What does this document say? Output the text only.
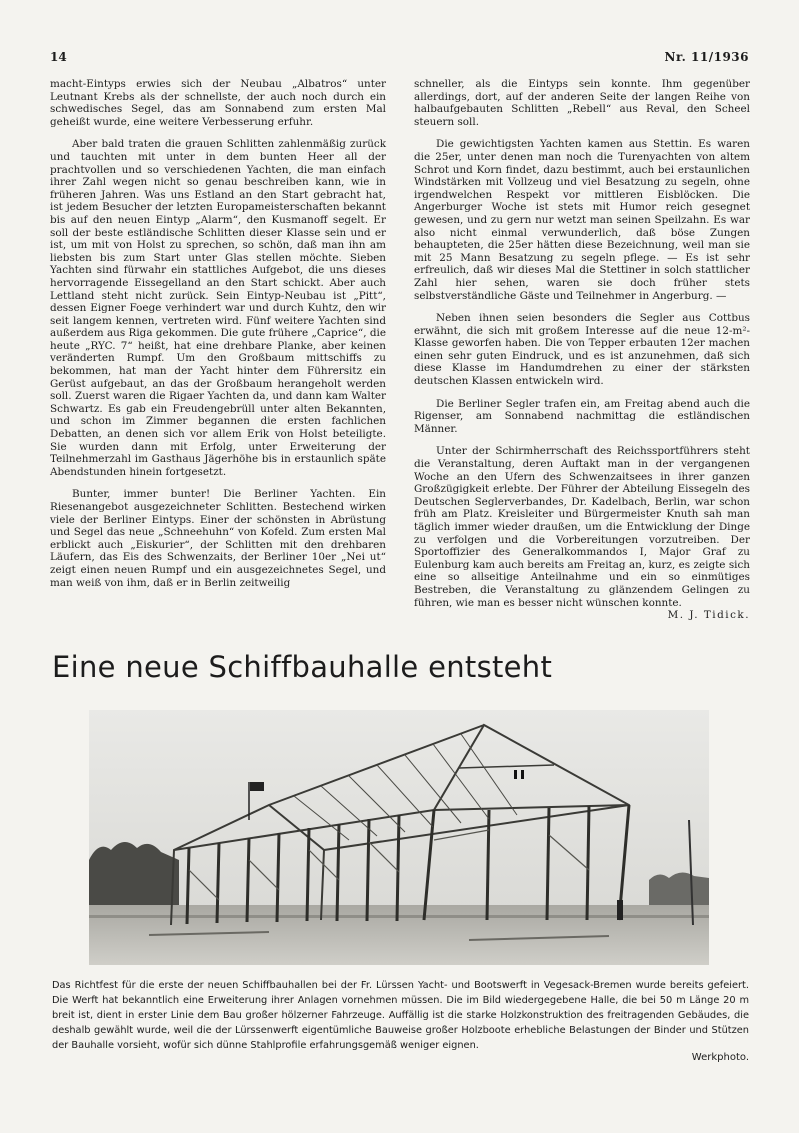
14	Nr. 11/1936

macht-Eintyps erwies sich der Neubau „Albatros“ unter Leutnant Krebs als der schnellste, der auch noch durch ein schwedisches Segel, das am Sonnabend zum ersten Mal geheißt wurde, eine weitere Verbesserung erfuhr.

Aber bald traten die grauen Schlitten zahlenmäßig zurück und tauchten mit unter in dem bunten Heer all der prachtvollen und so verschiedenen Yachten, die man einfach ihrer Zahl wegen nicht so genau beschreiben kann, wie in früheren Jahren. Was uns Estland an den Start gebracht hat, ist jedem Besucher der letzten Europameisterschaften bekannt bis auf den neuen Eintyp „Alarm“, den Kusmanoff segelt. Er soll der beste estländische Schlitten dieser Klasse sein und er ist, um mit von Holst zu sprechen, so schön, daß man ihn am liebsten bis zum Start unter Glas stellen möchte. Sieben Yachten sind fürwahr ein stattliches Aufgebot, die uns dieses hervorragende Eissegelland an den Start schickt. Aber auch Lettland steht nicht zurück. Sein Eintyp-Neubau ist „Pitt“, dessen Eigner Foege verhindert war und durch Kuhtz, den wir seit langem kennen, vertreten wird. Fünf weitere Yachten sind außerdem aus Riga gekommen. Die gute frühere „Caprice“, die heute „RYC. 7“ heißt, hat eine drehbare Planke, aber keinen veränderten Rumpf. Um den Großbaum mittschiffs zu bekommen, hat man der Yacht hinter dem Führersitz ein Gerüst aufgebaut, an das der Großbaum herangeholt werden soll. Zuerst waren die Rigaer Yachten da, und dann kam Walter Schwartz. Es gab ein Freudengebrüll unter alten Bekannten, und schon im Zimmer begannen die ersten fachlichen Debatten, an denen sich vor allem Erik von Holst beteiligte. Sie wurden dann mit Erfolg, unter Erweiterung der Teilnehmerzahl im Gasthaus Jägerhöhe bis in erstaunlich späte Abendstunden hinein fortgesetzt.

Bunter, immer bunter! Die Berliner Yachten. Ein Riesenangebot ausgezeichneter Schlitten. Bestechend wirken viele der Berliner Eintyps. Einer der schönsten in Abrüstung und Segel das neue „Schneehuhn“ von Kofeld. Zum ersten Mal erblickt auch „Eiskurier“, der Schlitten mit den drehbaren Läufern, das Eis des Schwenzaits, der Berliner 10er „Nei ut“ zeigt einen neuen Rumpf und ein ausgezeichnetes Segel, und man weiß von ihm, daß er in Berlin zeitweilig

schneller, als die Eintyps sein konnte. Ihm gegenüber allerdings, dort, auf der anderen Seite der langen Reihe von halbaufgebauten Schlitten „Rebell“ aus Reval, den Scheel steuern soll.

Die gewichtigsten Yachten kamen aus Stettin. Es waren die 25er, unter denen man noch die Turenyachten von altem Schrot und Korn findet, dazu bestimmt, auch bei erstaunlichen Windstärken mit Vollzeug und viel Besatzung zu segeln, ohne irgendwelchen Respekt vor mittleren Eisblöcken. Die Angerburger Woche ist stets mit Humor reich gesegnet gewesen, und zu gern nur wetzt man seinen Speilzahn. Es war also nicht einmal verwunderlich, daß böse Zungen behaupteten, die 25er hätten diese Bezeichnung, weil man sie mit 25 Mann Besatzung zu segeln pflege. — Es ist sehr erfreulich, daß wir dieses Mal die Stettiner in solch stattlicher Zahl hier sehen, waren sie doch früher stets selbstverständliche Gäste und Teilnehmer in Angerburg. —

Neben ihnen seien besonders die Segler aus Cottbus erwähnt, die sich mit großem Interesse auf die neue 12-m²-Klasse geworfen haben. Die von Tepper erbauten 12er machen einen sehr guten Eindruck, und es ist anzunehmen, daß sich diese Klasse im Handumdrehen zu einer der stärksten deutschen Klassen entwickeln wird.

Die Berliner Segler trafen ein, am Freitag abend auch die Rigenser, am Sonnabend nachmittag die estländischen Männer.

Unter der Schirmherrschaft des Reichssportführers steht die Veranstaltung, deren Auftakt man in der vergangenen Woche an den Ufern des Schwenzaitsees in ihrer ganzen Großzügigkeit erlebte. Der Führer der Abteilung Eissegeln des Deutschen Seglerverbandes, Dr. Kadelbach, Berlin, war schon früh am Platz. Kreisleiter und Bürgermeister Knuth sah man täglich immer wieder draußen, um die Entwicklung der Dinge zu verfolgen und die Vorbereitungen vorzutreiben. Der Sportoffizier des Generalkommandos I, Major Graf zu Eulenburg kam auch bereits am Freitag an, kurz, es zeigte sich eine so allseitige Anteilnahme und ein so einmütiges Bestreben, die Veranstaltung zu glänzendem Gelingen zu führen, wie man es besser nicht wünschen konnte.

M. J. Tidick.
Eine neue Schiffbauhalle entsteht

Das Richtfest für die erste der neuen Schiffbauhallen bei der Fr. Lürssen Yacht- und Bootswerft in Vegesack-Bremen wurde bereits gefeiert. Die Werft hat bekanntlich eine Erweiterung ihrer Anlagen vornehmen müssen. Die im Bild wiedergegebene Halle, die bei 50 m Länge 20 m breit ist, dient in erster Linie dem Bau großer hölzerner Fahrzeuge. Auffällig ist die starke Holzkonstruktion des freitragenden Gebäudes, die deshalb gewählt wurde, weil die der Lürssenwerft eigentümliche Bauweise großer Holzboote erhebliche Belastungen der Binder und Stützen der Bauhalle vorsieht, wofür sich dünne Stahlprofile erfahrungsgemäß weniger eignen.

Werkphoto.
